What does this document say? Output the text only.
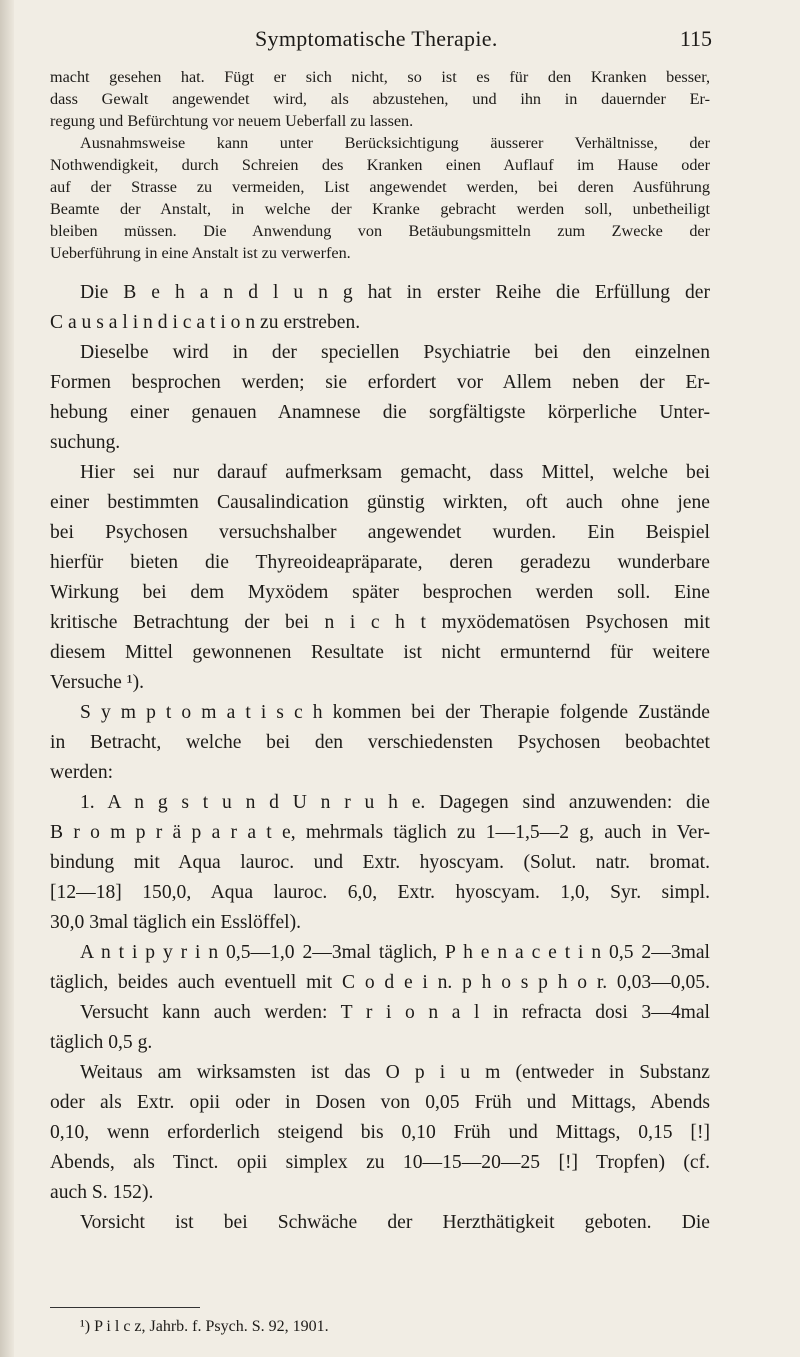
Symptomatische Therapie.	115
macht gesehen hat. Fügt er sich nicht, so ist es für den Kranken besser,
dass Gewalt angewendet wird, als abzustehen, und ihn in dauernder Er-
regung und Befürchtung vor neuem Ueberfall zu lassen.
Ausnahmsweise kann unter Berücksichtigung äusserer Verhältnisse, der
Nothwendigkeit, durch Schreien des Kranken einen Auflauf im Hause oder
auf der Strasse zu vermeiden, List angewendet werden, bei deren Ausführung
Beamte der Anstalt, in welche der Kranke gebracht werden soll, unbetheiligt
bleiben müssen. Die Anwendung von Betäubungsmitteln zum Zwecke der
Ueberführung in eine Anstalt ist zu verwerfen.
Die B e h a n d l u n g hat in erster Reihe die Erfüllung der
C a u s a l i n d i c a t i o n zu erstreben.
Dieselbe wird in der speciellen Psychiatrie bei den einzelnen
Formen besprochen werden; sie erfordert vor Allem neben der Er-
hebung einer genauen Anamnese die sorgfältigste körperliche Unter-
suchung.
Hier sei nur darauf aufmerksam gemacht, dass Mittel, welche bei
einer bestimmten Causalindication günstig wirkten, oft auch ohne jene
bei Psychosen versuchshalber angewendet wurden. Ein Beispiel
hierfür bieten die Thyreoideapräparate, deren geradezu wunderbare
Wirkung bei dem Myxödem später besprochen werden soll. Eine
kritische Betrachtung der bei n i c h t myxödematösen Psychosen mit
diesem Mittel gewonnenen Resultate ist nicht ermunternd für weitere
Versuche ¹).
S y m p t o m a t i s c h kommen bei der Therapie folgende Zustände
in Betracht, welche bei den verschiedensten Psychosen beobachtet
werden:
1. A n g s t u n d U n r u h e. Dagegen sind anzuwenden: die
B r o m p r ä p a r a t e, mehrmals täglich zu 1—1,5—2 g, auch in Ver-
bindung mit Aqua lauroc. und Extr. hyoscyam. (Solut. natr. bromat.
[12—18] 150,0, Aqua lauroc. 6,0, Extr. hyoscyam. 1,0, Syr. simpl.
30,0 3mal täglich ein Esslöffel).
A n t i p y r i n 0,5—1,0 2—3mal täglich, P h e n a c e t i n 0,5 2—3mal
täglich, beides auch eventuell mit C o d e i n. p h o s p h o r. 0,03—0,05.
Versucht kann auch werden: T r i o n a l in refracta dosi 3—4mal
täglich 0,5 g.
Weitaus am wirksamsten ist das O p i u m (entweder in Substanz
oder als Extr. opii oder in Dosen von 0,05 Früh und Mittags, Abends
0,10, wenn erforderlich steigend bis 0,10 Früh und Mittags, 0,15 [!]
Abends, als Tinct. opii simplex zu 10—15—20—25 [!] Tropfen) (cf.
auch S. 152).
Vorsicht ist bei Schwäche der Herzthätigkeit geboten. Die
¹) P i l c z, Jahrb. f. Psych. S. 92, 1901.
